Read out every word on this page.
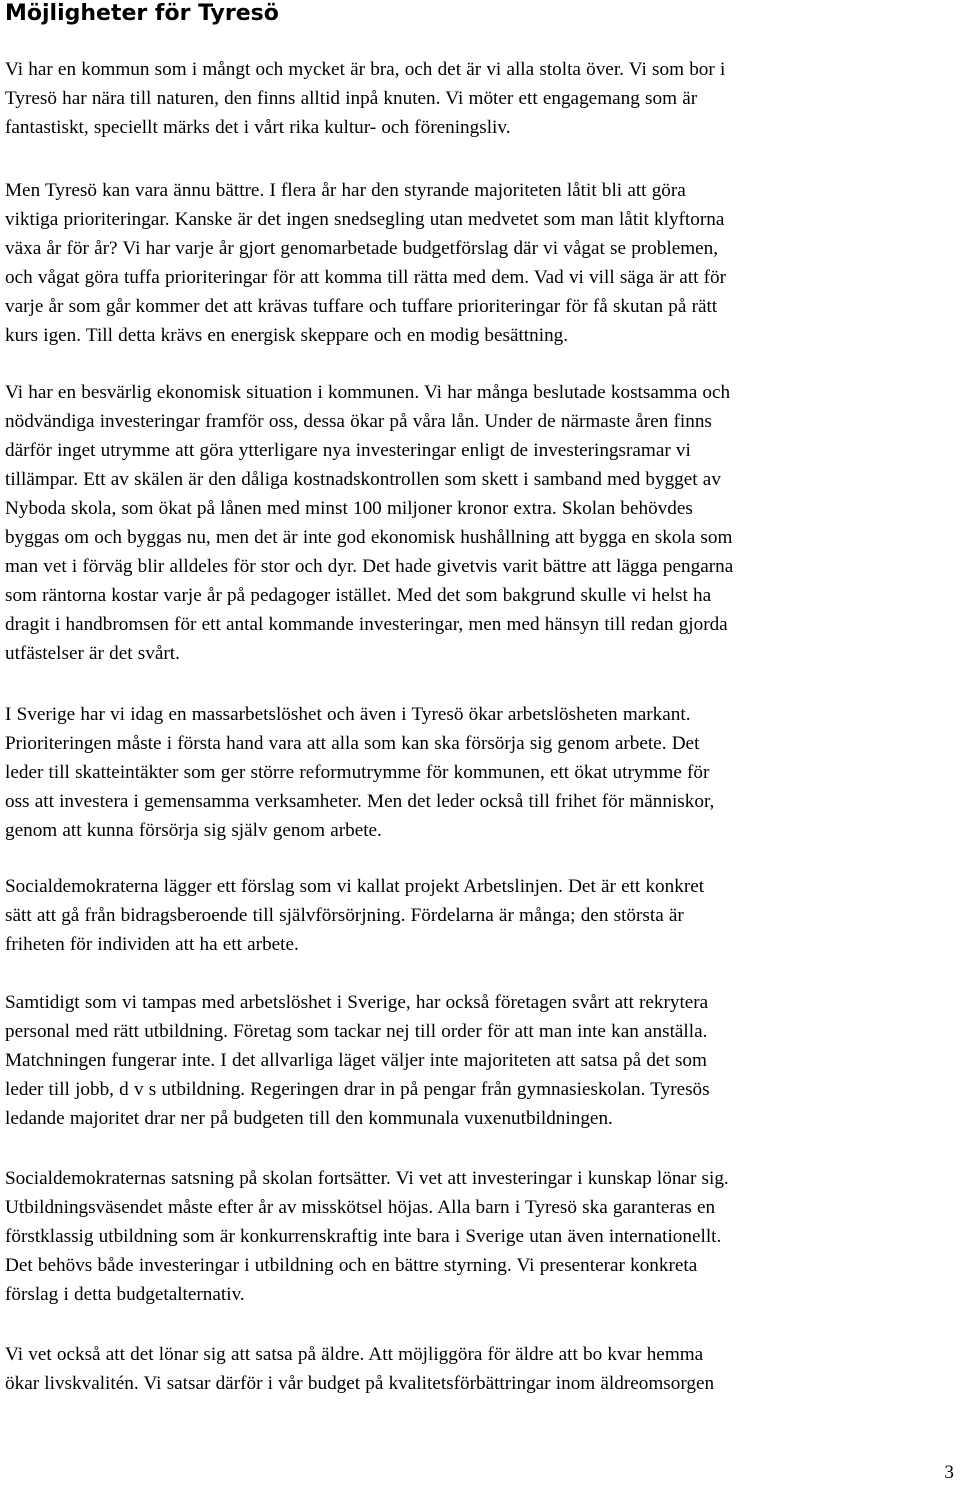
Möjligheter för Tyresö
Vi har en kommun som i mångt och mycket är bra, och det är vi alla stolta över. Vi som bor i
Tyresö har nära till naturen, den finns alltid inpå knuten. Vi möter ett engagemang som är
fantastiskt, speciellt märks det i vårt rika kultur- och föreningsliv.
Men Tyresö kan vara ännu bättre. I flera år har den styrande majoriteten låtit bli att göra
viktiga prioriteringar. Kanske är det ingen snedsegling utan medvetet som man låtit klyftorna
växa år för år? Vi har varje år gjort genomarbetade budgetförslag där vi vågat se problemen,
och vågat göra tuffa prioriteringar för att komma till rätta med dem. Vad vi vill säga är att för
varje år som går kommer det att krävas tuffare och tuffare prioriteringar för få skutan på rätt
kurs igen. Till detta krävs en energisk skeppare och en modig besättning.
Vi har en besvärlig ekonomisk situation i kommunen. Vi har många beslutade kostsamma och
nödvändiga investeringar framför oss, dessa ökar på våra lån. Under de närmaste åren finns
därför inget utrymme att göra ytterligare nya investeringar enligt de investeringsramar vi
tillämpar. Ett av skälen är den dåliga kostnadskontrollen som skett i samband med bygget av
Nyboda skola, som ökat på lånen med minst 100 miljoner kronor extra. Skolan behövdes
byggas om och byggas nu, men det är inte god ekonomisk hushållning att bygga en skola som
man vet i förväg blir alldeles för stor och dyr. Det hade givetvis varit bättre att lägga pengarna
som räntorna kostar varje år på pedagoger istället. Med det som bakgrund skulle vi helst ha
dragit i handbromsen för ett antal kommande investeringar, men med hänsyn till redan gjorda
utfästelser är det svårt.
I Sverige har vi idag en massarbetslöshet och även i Tyresö ökar arbetslösheten markant.
Prioriteringen måste i första hand vara att alla som kan ska försörja sig genom arbete. Det
leder till skatteintäkter som ger större reformutrymme för kommunen, ett ökat utrymme för
oss att investera i gemensamma verksamheter. Men det leder också till frihet för människor,
genom att kunna försörja sig själv genom arbete.
Socialdemokraterna lägger ett förslag som vi kallat projekt Arbetslinjen. Det är ett konkret
sätt att gå från bidragsberoende till självförsörjning. Fördelarna är många; den största är
friheten för individen att ha ett arbete.
Samtidigt som vi tampas med arbetslöshet i Sverige, har också företagen svårt att rekrytera
personal med rätt utbildning. Företag som tackar nej till order för att man inte kan anställa.
Matchningen fungerar inte. I det allvarliga läget väljer inte majoriteten att satsa på det som
leder till jobb, d v s utbildning. Regeringen drar in på pengar från gymnasieskolan. Tyresös
ledande majoritet drar ner på budgeten till den kommunala vuxenutbildningen.
Socialdemokraternas satsning på skolan fortsätter. Vi vet att investeringar i kunskap lönar sig.
Utbildningsväsendet måste efter år av misskötsel höjas. Alla barn i Tyresö ska garanteras en
förstklassig utbildning som är konkurrenskraftig inte bara i Sverige utan även internationellt.
Det behövs både investeringar i utbildning och en bättre styrning. Vi presenterar konkreta
förslag i detta budgetalternativ.
Vi vet också att det lönar sig att satsa på äldre. Att möjliggöra för äldre att bo kvar hemma
ökar livskvalitén. Vi satsar därför i vår budget på kvalitetsförbättringar inom äldreomsorgen
3
